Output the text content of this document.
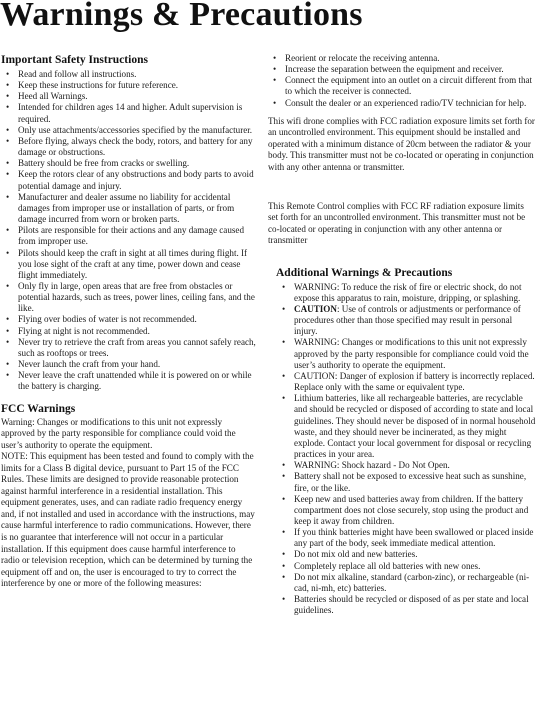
Warnings & Precautions
Important Safety Instructions
• Read and follow all instructions.
• Keep these instructions for future reference.
• Heed all Warnings.
• Intended for children ages 14 and higher. Adult supervision is required.
• Only use attachments/accessories specified by the manufacturer.
• Before flying, always check the body, rotors, and battery for any damage or obstructions.
• Battery should be free from cracks or swelling.
• Keep the rotors clear of any obstructions and body parts to avoid potential damage and injury.
• Manufacturer and dealer assume no liability for accidental damages from improper use or installation of parts, or from damage incurred from worn or broken parts.
• Pilots are responsible for their actions and any damage caused from improper use.
• Pilots should keep the craft in sight at all times during flight. If you lose sight of the craft at any time, power down and cease flight immediately.
• Only fly in large, open areas that are free from obstacles or potential hazards, such as trees, power lines, ceiling fans, and the like.
• Flying over bodies of water is not recommended.
• Flying at night is not recommended.
• Never try to retrieve the craft from areas you cannot safely reach, such as rooftops or trees.
• Never launch the craft from your hand.
• Never leave the craft unattended while it is powered on or while the battery is charging.
FCC Warnings

Warning: Changes or modifications to this unit not expressly approved by the party responsible for compliance could void the user’s authority to operate the equipment.
NOTE: This equipment has been tested and found to comply with the limits for a Class B digital device, pursuant to Part 15 of the FCC Rules. These limits are designed to provide reasonable protection against harmful interference in a residential installation. This equipment generates, uses, and can radiate radio frequency energy and, if not installed and used in accordance with the instructions, may cause harmful interference to radio communications. However, there is no guarantee that interference will not occur in a particular installation. If this equipment does cause harmful interference to radio or television reception, which can be determined by turning the equipment off and on, the user is encouraged to try to correct the interference by one or more of the following measures:

• Reorient or relocate the receiving antenna.
• Increase the separation between the equipment and receiver.
• Connect the equipment into an outlet on a circuit different from that to which the receiver is connected.
• Consult the dealer or an experienced radio/TV technician for help.

This wifi drone complies with FCC radiation exposure limits set forth for an uncontrolled environment. This equipment should be installed and operated with a minimum distance of 20cm between the radiator & your body. This transmitter must not be co-located or operating in conjunction with any other antenna or transmitter.

This Remote Control complies with FCC RF radiation exposure limits set forth for an uncontrolled environment. This transmitter must not be co-located or operating in conjunction with any other antenna or transmitter

Additional Warnings & Precautions
• WARNING: To reduce the risk of fire or electric shock, do not expose this apparatus to rain, moisture, dripping, or splashing.
• CAUTION: Use of controls or adjustments or performance of procedures other than those specified may result in personal injury.
• WARNING: Changes or modifications to this unit not expressly approved by the party responsible for compliance could void the user’s authority to operate the equipment.
• CAUTION: Danger of explosion if battery is incorrectly replaced. Replace only with the same or equivalent type.
• Lithium batteries, like all rechargeable batteries, are recyclable and should be recycled or disposed of according to state and local guidelines. They should never be disposed of in normal household waste, and they should never be incinerated, as they might explode. Contact your local government for disposal or recycling practices in your area.
• WARNING: Shock hazard - Do Not Open.
• Battery shall not be exposed to excessive heat such as sunshine, fire, or the like.
• Keep new and used batteries away from children. If the battery compartment does not close securely, stop using the product and keep it away from children.
• If you think batteries might have been swallowed or placed inside any part of the body, seek immediate medical attention.
• Do not mix old and new batteries.
• Completely replace all old batteries with new ones.
• Do not mix alkaline, standard (carbon-zinc), or rechargeable (ni-cad, ni-mh, etc) batteries.
• Batteries should be recycled or disposed of as per state and local guidelines.
